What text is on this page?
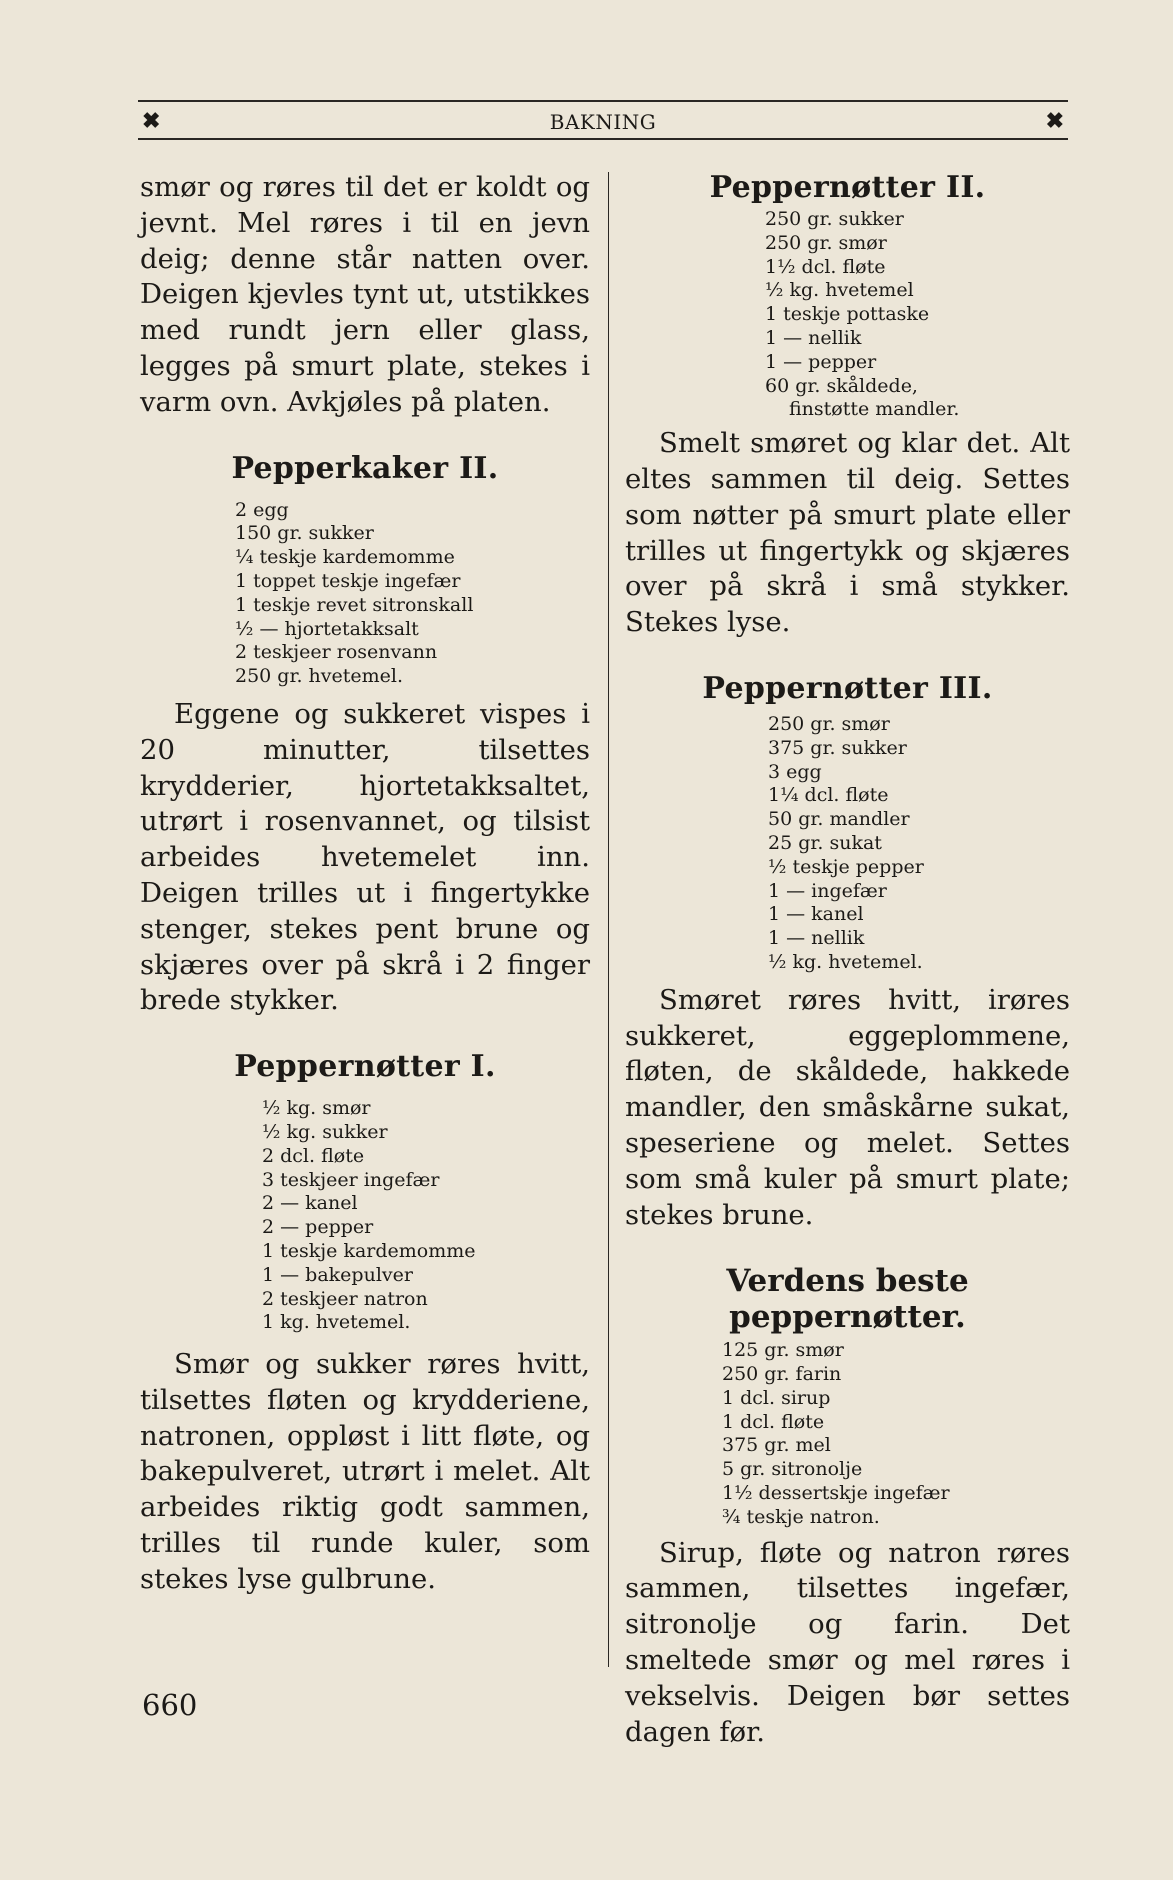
✖	BAKNING	✖

smør og røres til det er koldt og jevnt. Mel røres i til en jevn deig; denne står natten over. Deigen kjevles tynt ut, utstikkes med rundt jern eller glass, legges på smurt plate, stekes i varm ovn. Avkjøles på platen.

Pepperkaker II.
2 egg
150 gr. sukker
¼ teskje kardemomme
1 toppet teskje ingefær
1 teskje revet sitronskall
½ — hjortetakksalt
2 teskjeer rosenvann
250 gr. hvetemel.

Eggene og sukkeret vispes i 20 minutter, tilsettes krydderier, hjortetakksaltet, utrørt i rosenvannet, og tilsist arbeides hvetemelet inn. Deigen trilles ut i fingertykke stenger, stekes pent brune og skjæres over på skrå i 2 finger brede stykker.

Peppernøtter I.
½ kg. smør
½ kg. sukker
2 dcl. fløte
3 teskjeer ingefær
2 — kanel
2 — pepper
1 teskje kardemomme
1 — bakepulver
2 teskjeer natron
1 kg. hvetemel.

Smør og sukker røres hvitt, tilsettes fløten og krydderiene, natronen, oppløst i litt fløte, og bakepulveret, utrørt i melet. Alt arbeides riktig godt sammen, trilles til runde kuler, som stekes lyse gulbrune.

Peppernøtter II.
250 gr. sukker
250 gr. smør
1½ dcl. fløte
½ kg. hvetemel
1 teskje pottaske
1 — nellik
1 — pepper
60 gr. skåldede,
finstøtte mandler.

Smelt smøret og klar det. Alt eltes sammen til deig. Settes som nøtter på smurt plate eller trilles ut fingertykk og skjæres over på skrå i små stykker. Stekes lyse.

Peppernøtter III.
250 gr. smør
375 gr. sukker
3 egg
1¼ dcl. fløte
50 gr. mandler
25 gr. sukat
½ teskje pepper
1 — ingefær
1 — kanel
1 — nellik
½ kg. hvetemel.

Smøret røres hvitt, irøres sukkeret, eggeplommene, fløten, de skåldede, hakkede mandler, den småskårne sukat, speseriene og melet. Settes som små kuler på smurt plate; stekes brune.

Verdens beste peppernøtter.
125 gr. smør
250 gr. farin
1 dcl. sirup
1 dcl. fløte
375 gr. mel
5 gr. sitronolje
1½ dessertskje ingefær
¾ teskje natron.

Sirup, fløte og natron røres sammen, tilsettes ingefær, sitronolje og farin. Det smeltede smør og mel røres i vekselvis. Deigen bør settes dagen før.

660
